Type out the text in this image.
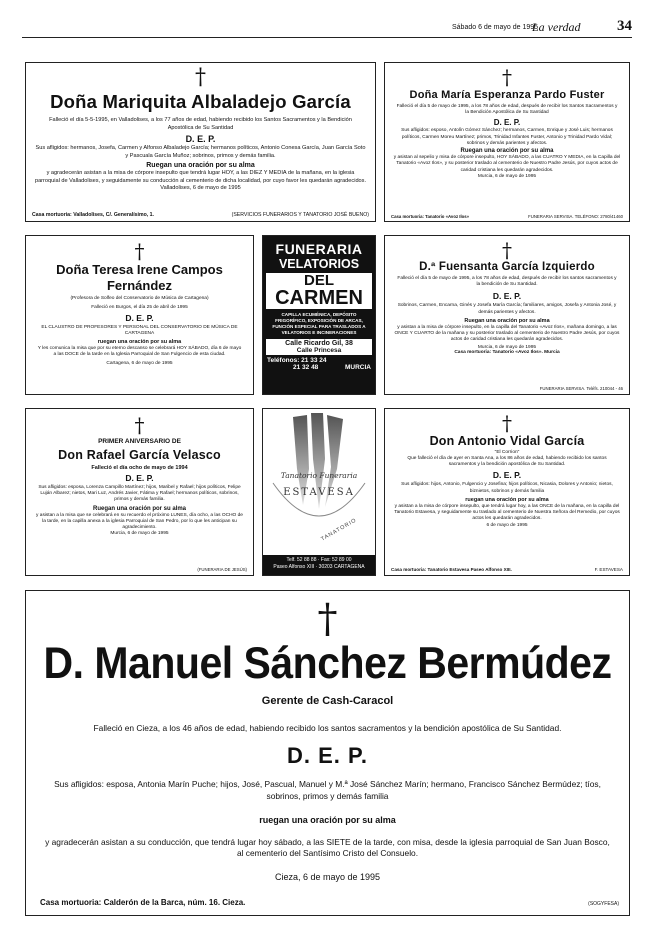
Sábado 6 de mayo de 1995
La verdad 34
†
Doña Mariquita Albaladejo García
Falleció el día 5-5-1995, en Valladolises, a los 77 años de edad, habiendo recibido los Santos Sacramentos y la Bendición Apostólica de Su Santidad
D. E. P.
Sus afligidos: hermanos, Josefa, Carmen y Alfonso Albaladejo García; hermanos políticos, Antonio Conesa García, Juan García Soto y Pascuala García Muñoz; sobrinos, primos y demás familia.
Ruegan una oración por su alma
y agradecerán asistan a la misa de córpore insepulto que tendrá lugar HOY, a las DIEZ Y MEDIA de la mañana, en la iglesia parroquial de Valladolises, y seguidamente su conducción al cementerio de dicha localidad, por cuyo favor les quedarán agradecidos.
Valladolises, 6 de mayo de 1995
Casa mortuoria: Valladolises, C/. Generalísimo, 1.	(SERVICIOS FUNERARIOS Y TANATORIO JOSÉ BUENO)
†
Doña María Esperanza Pardo Fuster
Falleció el día 5 de mayo de 1995, a los 78 años de edad, después de recibir los Santos Sacramentos y la Bendición Apostólica de Su Santidad
D. E. P.
Sus afligidos: esposo, Antolín Gómez Sánchez; hermanos, Carmen, Enrique y José Luis; hermanos políticos, Carmen Moreu Martínez; primos, Trinidad Infantes Fuster, Antonio y Trinidad Pardo Vidal; sobrinos y demás parientes y afectos.
Ruegan una oración por su alma
y asistan al sepelio y misa de córpore insepulto, HOY SÁBADO, a las CUATRO Y MEDIA, en la Capilla del Tanatorio «Avoz Ilos», y su posterior traslado al cementerio de Nuestro Padre Jesús, por cuyos actos de caridad cristiana les quedarán agradecidos.
Murcia, 6 de mayo de 1995
Casa mortuoria: Tanatorio «Avoz Ilos»	FUNERARIA SERVISA. TELÉFONO: 2780/41460
†
Doña Teresa Irene Campos
Fernández
(Profesora de Solfeo del Conservatorio de Música de Cartagena)
Falleció en Burgos, el día 25 de abril de 1995
D. E. P.
EL CLAUSTRO DE PROFESORES Y PERSONAL DEL CONSERVATORIO DE MÚSICA DE CARTAGENA
ruegan una oración por su alma
Y les comunica la misa que por su eterno descanso se celebrará HOY SÁBADO, día 6 de mayo a las DOCE de la tarde en la Iglesia Parroquial de San Fulgencio de esta ciudad.
Cartagena, 6 de mayo de 1995
FUNERARIA
VELATORIOS
DEL
CARMEN
CAPILLA ECUMÉNICA, DEPÓSITO FRIGORÍFICO, EXPOSICIÓN DE ARCAS, FUNCIÓN ESPECIAL PARA TRASLADOS A VELATORIOS E INCINERACIONES
Calle Ricardo Gil, 38
Calle Princesa
Teléfonos: 21 33 24
21 32 48	MURCIA
†
D.ª Fuensanta García Izquierdo
Falleció el día 5 de mayo de 1995, a los 78 años de edad, después de recibir los santos sacramentos y la bendición de Su Santidad.
D. E. P.
Sobrinos, Carmen, Encarna, Ginés y Josefa María García; familiares, amigos, Josefa y Antonia José, y demás parientes y afectos.
Ruegan una oración por su alma
y asistan a la misa de córpore insepulto, en la capilla del Tanatorio «Avoz Ilos», mañana domingo, a las ONCE Y CUARTO de la mañana y su posterior traslado al cementerio de Nuestro Padre Jesús, por cuyos actos de caridad cristiana les quedarán agradecidos.
Murcia, 6 de mayo de 1995
Casa mortuoria: Tanatorio «Avoz Ilos». Murcia
FUNERARIA SERVISA. Teléfs. 210044 - 46
†
PRIMER ANIVERSARIO DE
Don Rafael García Velasco
Falleció el día ocho de mayo de 1994
D. E. P.
Sus afligidos: esposa, Lorenza Campillo Martínez; hijos, Maribel y Rafael; hijos políticos, Felipe Luján Albarez; nietos, Mari Luz, Andrés Javier, Fátima y Rafael; hermanos políticos, sobrinos, primos y demás familia.
Ruegan una oración por su alma
y asistan a la misa que se celebrará en su recuerdo el próximo LUNES, día ocho, a las OCHO de la tarde, en la capilla anexa a la iglesia Parroquial de San Pedro, por lo que les anticipan su agradecimiento.
Murcia, 6 de mayo de 1995
(FUNERARIA DE JESÚS)
Tanatorio Funeraria
ESTAVESA
TANATORIO
Telf. 52 88 88 · Fax: 52 89 00
Paseo Alfonso XIII · 30203 CARTAGENA
†
Don Antonio Vidal García
"El Corrion"
Que falleció el día de ayer en Santa Ana, a los 86 años de edad, habiendo recibido los santos sacramentos y la bendición apostólica de Su Santidad.
D. E. P.
Sus afligidos: hijos, Antonio, Fulgencio y Josefina; hijos políticos, Nicasia, Dolores y Antonio; nietos, biznietos, sobrinos y demás familia
ruegan una oración por su alma
y asistan a la misa de córpore insepulto, que tendrá lugar hoy, a las ONCE de la mañana, en la capilla del Tanatorio Estavesa, y seguidamente su traslado al cementerio de Nuestra Señora del Remedio, por cuyos actos les quedarán agradecidos.
6 de mayo de 1995
Casa mortuoria: Tanatorio Estavesa Paseo Alfonso XIII.	F. ESTAVESA
†
D. Manuel Sánchez Bermúdez
Gerente de Cash-Caracol
Falleció en Cieza, a los 46 años de edad, habiendo recibido los santos sacramentos y la bendición apostólica de Su Santidad.
D. E. P.
Sus afligidos: esposa, Antonia Marín Puche; hijos, José, Pascual, Manuel y M.ª José Sánchez Marín; hermano, Francisco Sánchez Bermúdez; tíos, sobrinos, primos y demás familia
ruegan una oración por su alma
y agradecerán asistan a su conducción, que tendrá lugar hoy sábado, a las SIETE de la tarde, con misa, desde la iglesia parroquial de San Juan Bosco, al cementerio del Santísimo Cristo del Consuelo.
Cieza, 6 de mayo de 1995
Casa mortuoria: Calderón de la Barca, núm. 16. Cieza.	(SOGYFESA)
